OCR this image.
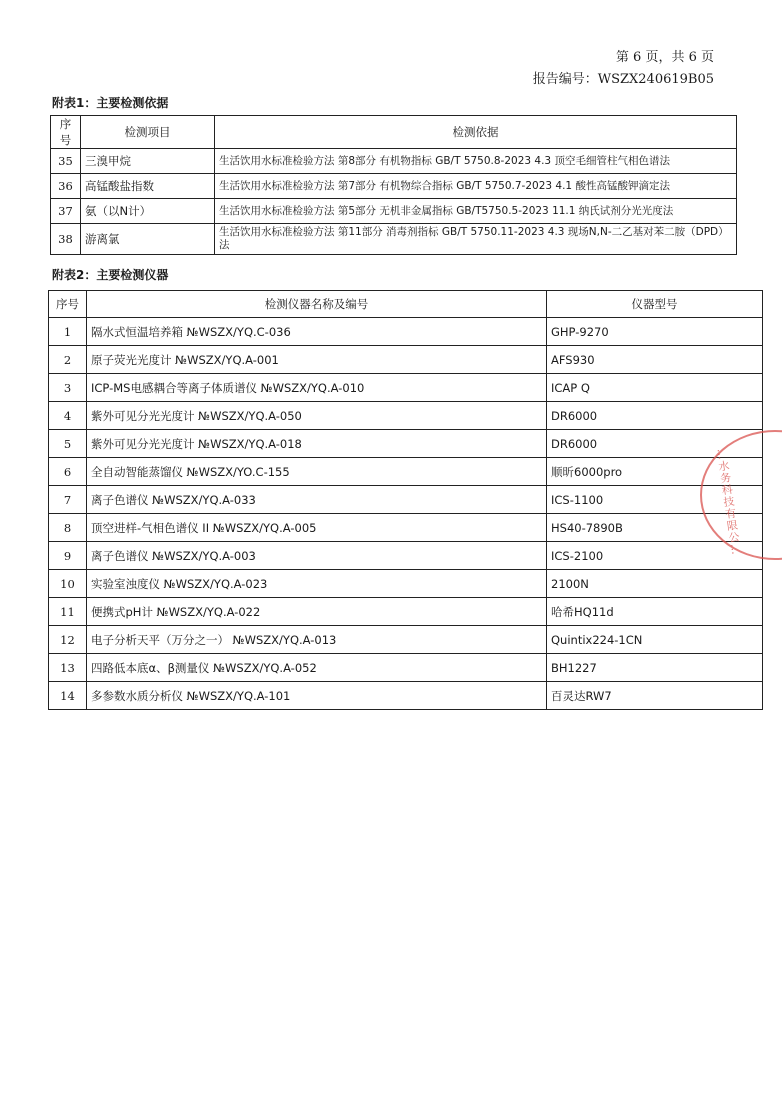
第 6 页，共 6 页
报告编号：WSZX240619B05
附表1：主要检测依据
序号	检测项目	检测依据
35	三溴甲烷	生活饮用水标准检验方法 第8部分 有机物指标 GB/T 5750.8-2023 4.3 顶空毛细管柱气相色谱法
36	高锰酸盐指数	生活饮用水标准检验方法 第7部分 有机物综合指标 GB/T 5750.7-2023 4.1 酸性高锰酸钾滴定法
37	氨（以N计）	生活饮用水标准检验方法 第5部分 无机非金属指标 GB/T5750.5-2023 11.1 纳氏试剂分光光度法
38	游离氯	生活饮用水标准检验方法 第11部分 消毒剂指标 GB/T 5750.11-2023 4.3 现场N,N-二乙基对苯二胺（DPD）法
附表2：主要检测仪器
序号	检测仪器名称及编号	仪器型号
1	隔水式恒温培养箱 №WSZX/YQ.C-036	GHP-9270
2	原子荧光光度计 №WSZX/YQ.A-001	AFS930
3	ICP-MS电感耦合等离子体质谱仪 №WSZX/YQ.A-010	ICAP Q
4	紫外可见分光光度计 №WSZX/YQ.A-050	DR6000
5	紫外可见分光光度计 №WSZX/YQ.A-018	DR6000
6	全自动智能蒸馏仪 №WSZX/YO.C-155	顺昕6000pro
7	离子色谱仪 №WSZX/YQ.A-033	ICS-1100
8	顶空进样-气相色谱仪 II №WSZX/YQ.A-005	HS40-7890B
9	离子色谱仪 №WSZX/YQ.A-003	ICS-2100
10	实验室浊度仪 №WSZX/YQ.A-023	2100N
11	便携式pH计 №WSZX/YQ.A-022	哈希HQ11d
12	电子分析天平（万分之一） №WSZX/YQ.A-013	Quintix224-1CN
13	四路低本底α、β测量仪 №WSZX/YQ.A-052	BH1227
14	多参数水质分析仪 №WSZX/YQ.A-101	百灵达RW7
…水务科技有限公…
